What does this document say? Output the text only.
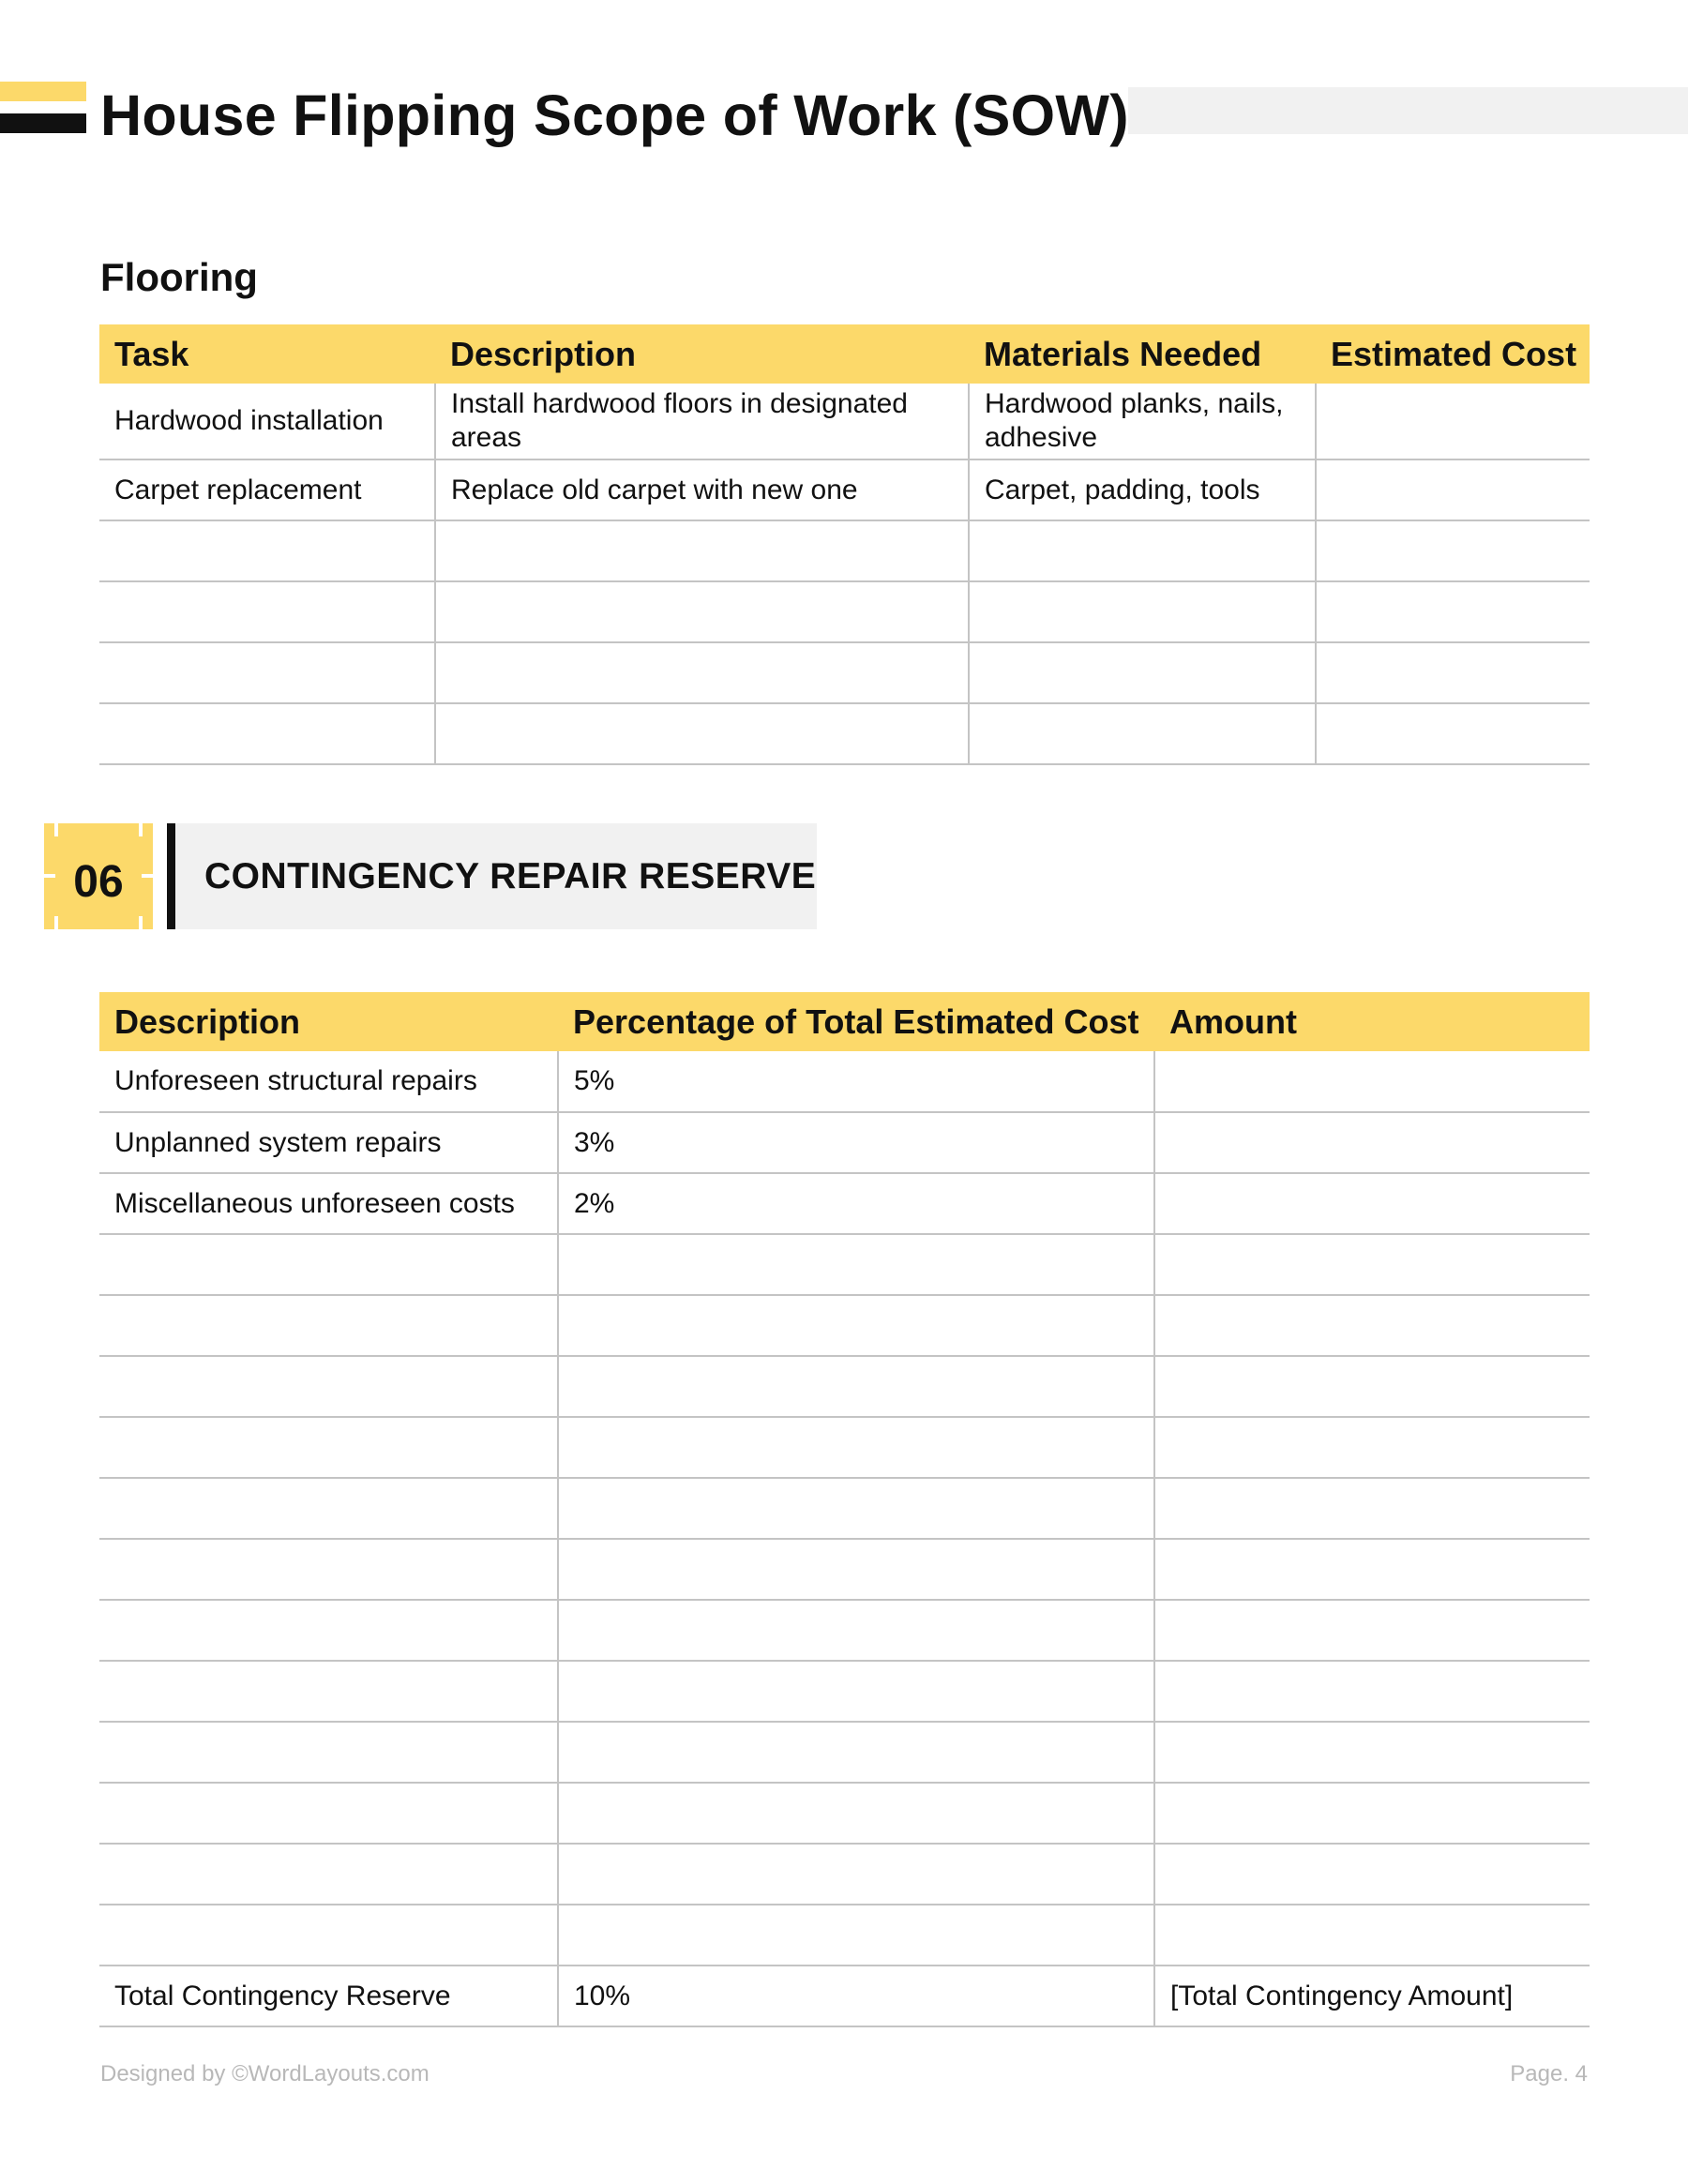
House Flipping Scope of Work (SOW)
Flooring
Task	Description	Materials Needed	Estimated Cost
Hardwood installation	Install hardwood floors in designated areas	Hardwood planks, nails, adhesive	
Carpet replacement	Replace old carpet with new one	Carpet, padding, tools	

06	CONTINGENCY REPAIR RESERVE
Description	Percentage of Total Estimated Cost	Amount
Unforeseen structural repairs	5%	
Unplanned system repairs	3%	
Miscellaneous unforeseen costs	2%	

Total Contingency Reserve	10%	[Total Contingency Amount]
Designed by ©WordLayouts.com	Page. 4
